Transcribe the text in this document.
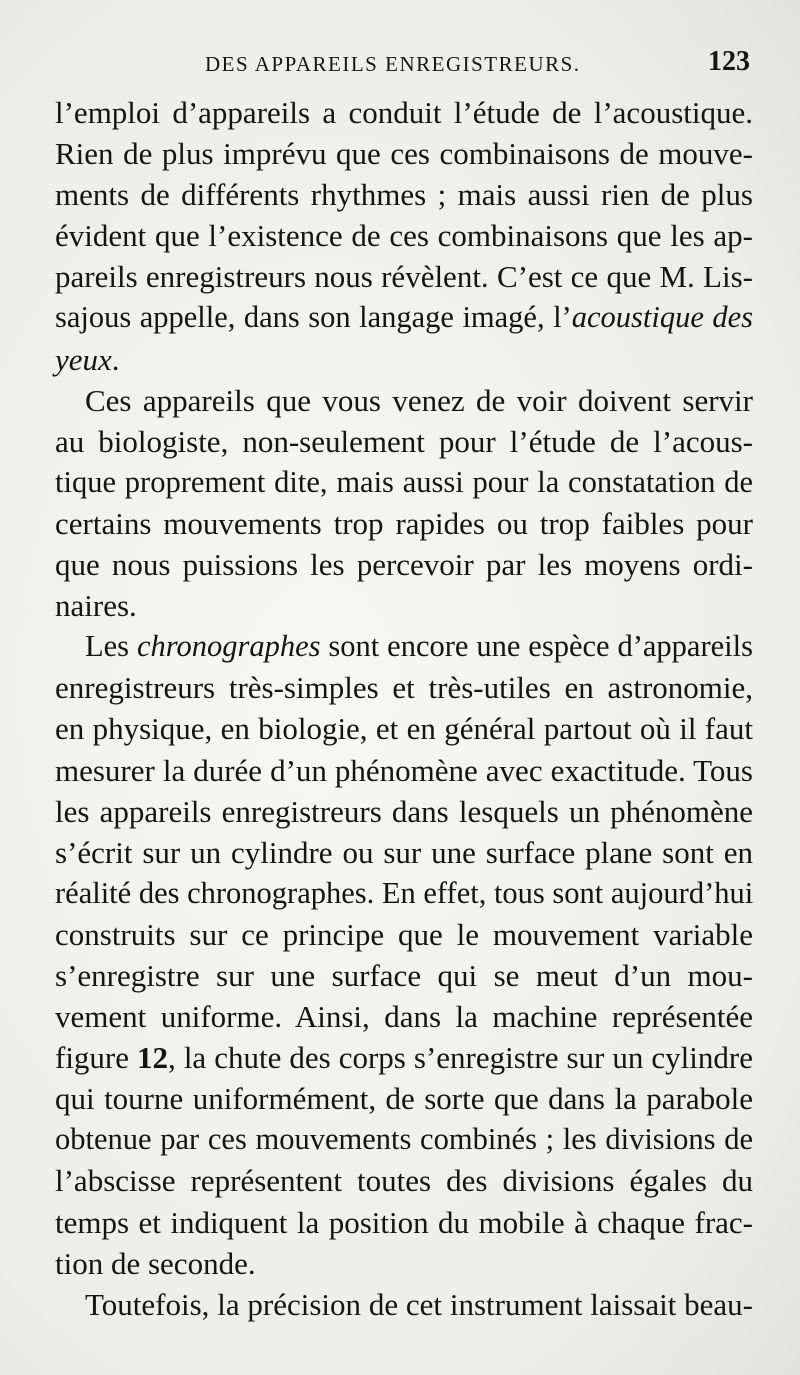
DES APPAREILS ENREGISTREURS.	123
l’emploi d’appareils a conduit l’étude de l’acoustique.
Rien de plus imprévu que ces combinaisons de mouve-
ments de différents rhythmes ; mais aussi rien de plus
évident que l’existence de ces combinaisons que les ap-
pareils enregistreurs nous révèlent. C’est ce que M. Lis-
sajous appelle, dans son langage imagé, l’acoustique des
yeux.
Ces appareils que vous venez de voir doivent servir
au biologiste, non-seulement pour l’étude de l’acous-
tique proprement dite, mais aussi pour la constatation de
certains mouvements trop rapides ou trop faibles pour
que nous puissions les percevoir par les moyens ordi-
naires.
Les chronographes sont encore une espèce d’appareils
enregistreurs très-simples et très-utiles en astronomie,
en physique, en biologie, et en général partout où il faut
mesurer la durée d’un phénomène avec exactitude. Tous
les appareils enregistreurs dans lesquels un phénomène
s’écrit sur un cylindre ou sur une surface plane sont en
réalité des chronographes. En effet, tous sont aujourd’hui
construits sur ce principe que le mouvement variable
s’enregistre sur une surface qui se meut d’un mou-
vement uniforme. Ainsi, dans la machine représentée
figure 12, la chute des corps s’enregistre sur un cylindre
qui tourne uniformément, de sorte que dans la parabole
obtenue par ces mouvements combinés ; les divisions de
l’abscisse représentent toutes des divisions égales du
temps et indiquent la position du mobile à chaque frac-
tion de seconde.
Toutefois, la précision de cet instrument laissait beau-
